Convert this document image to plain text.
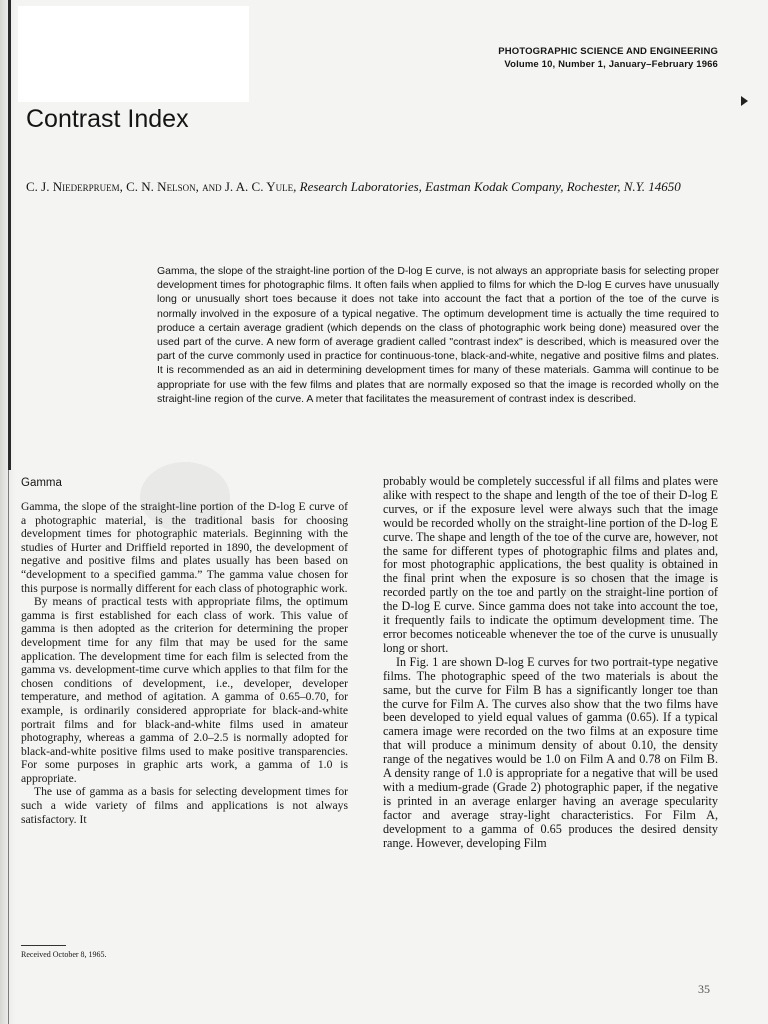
PHOTOGRAPHIC SCIENCE AND ENGINEERING
Volume 10, Number 1, January–February 1966
Contrast Index
C. J. Niederpruem, C. N. Nelson, and J. A. C. Yule, Research Laboratories, Eastman Kodak Company, Rochester, N.Y. 14650

Gamma, the slope of the straight-line portion of the D-log E curve, is not always an appropriate basis for selecting proper development times for photographic films. It often fails when applied to films for which the D-log E curves have unusually long or unusually short toes because it does not take into account the fact that a portion of the toe of the curve is normally involved in the exposure of a typical negative. The optimum development time is actually the time required to produce a certain average gradient (which depends on the class of photographic work being done) measured over the used part of the curve. A new form of average gradient called "contrast index" is described, which is measured over the part of the curve commonly used in practice for continuous-tone, black-and-white, negative and positive films and plates. It is recommended as an aid in determining development times for many of these materials. Gamma will continue to be appropriate for use with the few films and plates that are normally exposed so that the image is recorded wholly on the straight-line region of the curve. A meter that facilitates the measurement of contrast index is described.

Gamma

Gamma, the slope of the straight-line portion of the D-log E curve of a photographic material, is the traditional basis for choosing development times for photographic materials. Beginning with the studies of Hurter and Driffield reported in 1890, the development of negative and positive films and plates usually has been based on “development to a specified gamma.” The gamma value chosen for this purpose is normally different for each class of photographic work.

By means of practical tests with appropriate films, the optimum gamma is first established for each class of work. This value of gamma is then adopted as the criterion for determining the proper development time for any film that may be used for the same application. The development time for each film is selected from the gamma vs. development-time curve which applies to that film for the chosen conditions of development, i.e., developer, developer temperature, and method of agitation. A gamma of 0.65–0.70, for example, is ordinarily considered appropriate for black-and-white portrait films and for black-and-white films used in amateur photography, whereas a gamma of 2.0–2.5 is normally adopted for black-and-white positive films used to make positive transparencies. For some purposes in graphic arts work, a gamma of 1.0 is appropriate.

The use of gamma as a basis for selecting development times for such a wide variety of films and applications is not always satisfactory. It

probably would be completely successful if all films and plates were alike with respect to the shape and length of the toe of their D-log E curves, or if the exposure level were always such that the image would be recorded wholly on the straight-line portion of the D-log E curve. The shape and length of the toe of the curve are, however, not the same for different types of photographic films and plates and, for most photographic applications, the best quality is obtained in the final print when the exposure is so chosen that the image is recorded partly on the toe and partly on the straight-line portion of the D-log E curve. Since gamma does not take into account the toe, it frequently fails to indicate the optimum development time. The error becomes noticeable whenever the toe of the curve is unusually long or short.

In Fig. 1 are shown D-log E curves for two portrait-type negative films. The photographic speed of the two materials is about the same, but the curve for Film B has a significantly longer toe than the curve for Film A. The curves also show that the two films have been developed to yield equal values of gamma (0.65). If a typical camera image were recorded on the two films at an exposure time that will produce a minimum density of about 0.10, the density range of the negatives would be 1.0 on Film A and 0.78 on Film B. A density range of 1.0 is appropriate for a negative that will be used with a medium-grade (Grade 2) photographic paper, if the negative is printed in an average enlarger having an average specularity factor and average stray-light characteristics. For Film A, development to a gamma of 0.65 produces the desired density range. However, developing Film

Received October 8, 1965.
35
